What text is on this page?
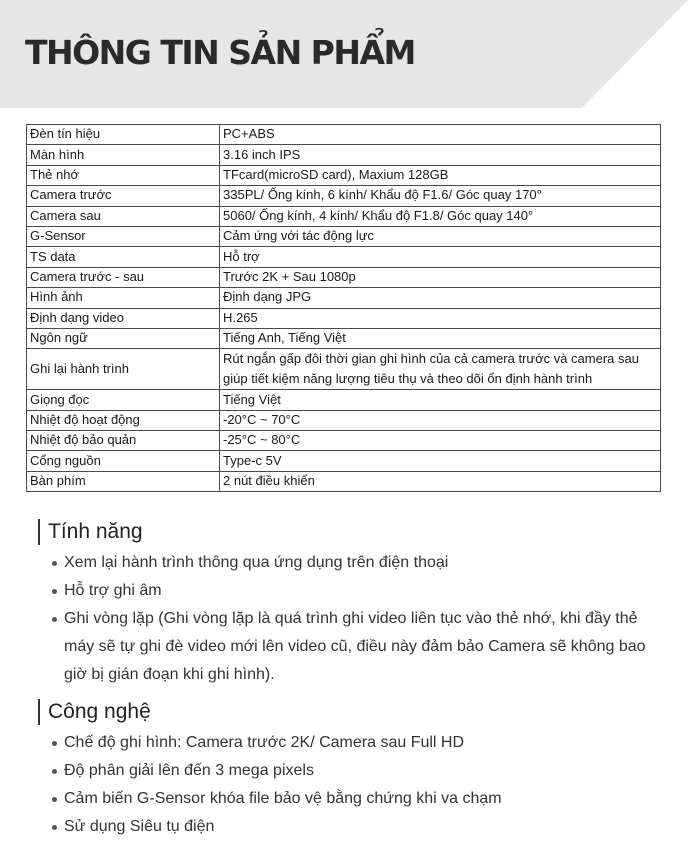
THÔNG TIN SẢN PHẨM
Đèn tín hiệu	PC+ABS
Màn hình	3.16 inch IPS
Thẻ nhớ	TFcard(microSD card), Maxium 128GB
Camera trước	335PL/ Ống kính, 6 kính/ Khẩu độ F1.6/ Góc quay 170°
Camera sau	5060/ Ống kính, 4 kính/ Khẩu độ F1.8/ Góc quay 140°
G-Sensor	Cảm ứng với tác động lực
TS data	Hỗ trợ
Camera trước - sau	Trước 2K + Sau 1080p
Hình ảnh	Định dạng JPG
Định dạng video	H.265
Ngôn ngữ	Tiếng Anh, Tiếng Việt
Ghi lại hành trình	Rút ngắn gấp đôi thời gian ghi hình của cả camera trước và camera sau giúp tiết kiệm năng lượng tiêu thụ và theo dõi ổn định hành trình
Giọng đọc	Tiếng Việt
Nhiệt độ hoạt động	-20°C ~ 70°C
Nhiệt độ bảo quản	-25°C ~ 80°C
Cổng nguồn	Type-c 5V
Bàn phím	2 nút điều khiển
Tính năng
Xem lại hành trình thông qua ứng dụng trên điện thoại
Hỗ trợ ghi âm
Ghi vòng lặp (Ghi vòng lặp là quá trình ghi video liên tục vào thẻ nhớ, khi đầy thẻ máy sẽ tự ghi đè video mới lên video cũ, điều này đảm bảo Camera sẽ không bao giờ bị gián đoạn khi ghi hình).
Công nghệ
Chế độ ghi hình: Camera trước 2K/ Camera sau Full HD
Độ phân giải lên đến 3 mega pixels
Cảm biến G-Sensor khóa file bảo vệ bằng chứng khi va chạm
Sử dụng Siêu tụ điện
